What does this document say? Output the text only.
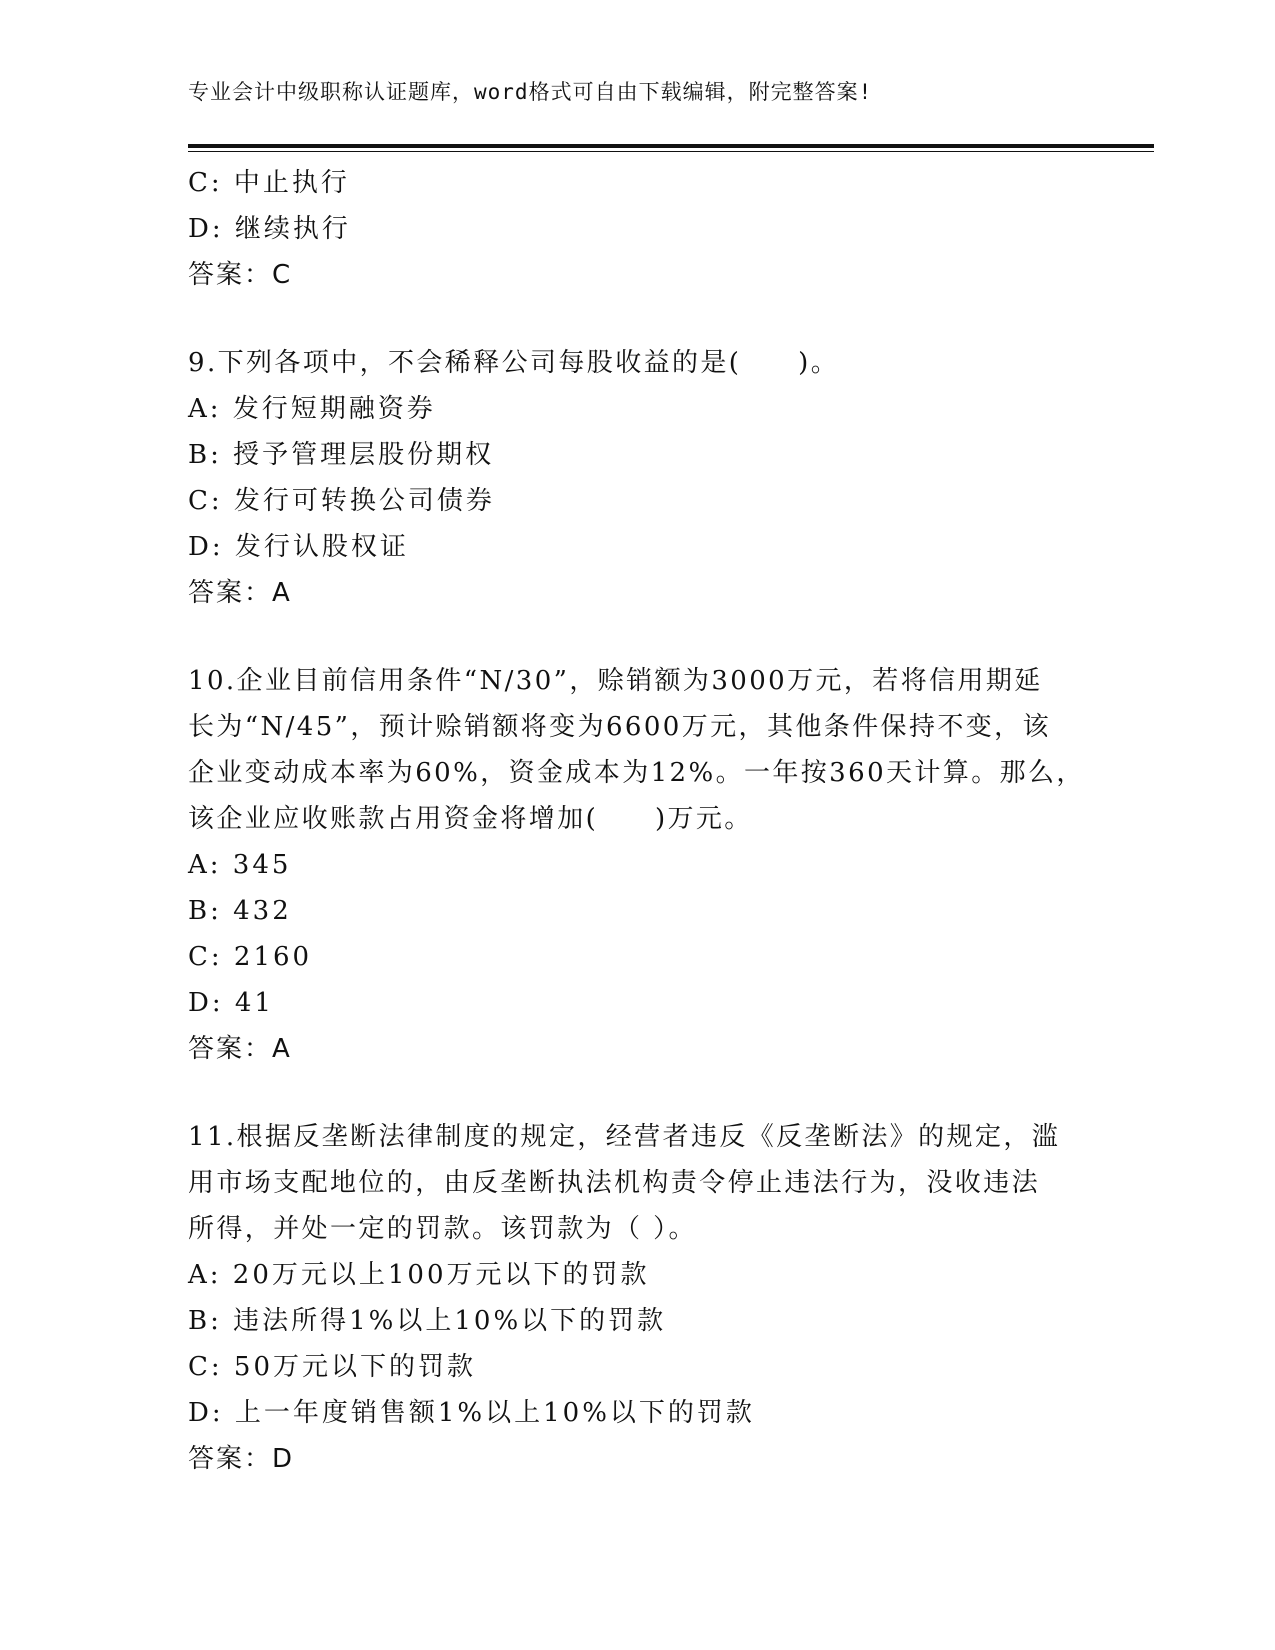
专业会计中级职称认证题库，word格式可自由下载编辑，附完整答案!
C: 中止执行
D: 继续执行
答案：C
9.下列各项中，不会稀释公司每股收益的是(　　)。
A: 发行短期融资券
B: 授予管理层股份期权
C: 发行可转换公司债券
D: 发行认股权证
答案：A
10.企业目前信用条件“N/30”，赊销额为3000万元，若将信用期延
长为“N/45”，预计赊销额将变为6600万元，其他条件保持不变，该
企业变动成本率为60%，资金成本为12%。一年按360天计算。那么，
该企业应收账款占用资金将增加(　　)万元。
A: 345
B: 432
C: 2160
D: 41
答案：A
11.根据反垄断法律制度的规定，经营者违反《反垄断法》的规定，滥
用市场支配地位的，由反垄断执法机构责令停止违法行为，没收违法
所得，并处一定的罚款。该罚款为（ ）。
A: 20万元以上100万元以下的罚款
B: 违法所得1%以上10%以下的罚款
C: 50万元以下的罚款
D: 上一年度销售额1%以上10%以下的罚款
答案：D
